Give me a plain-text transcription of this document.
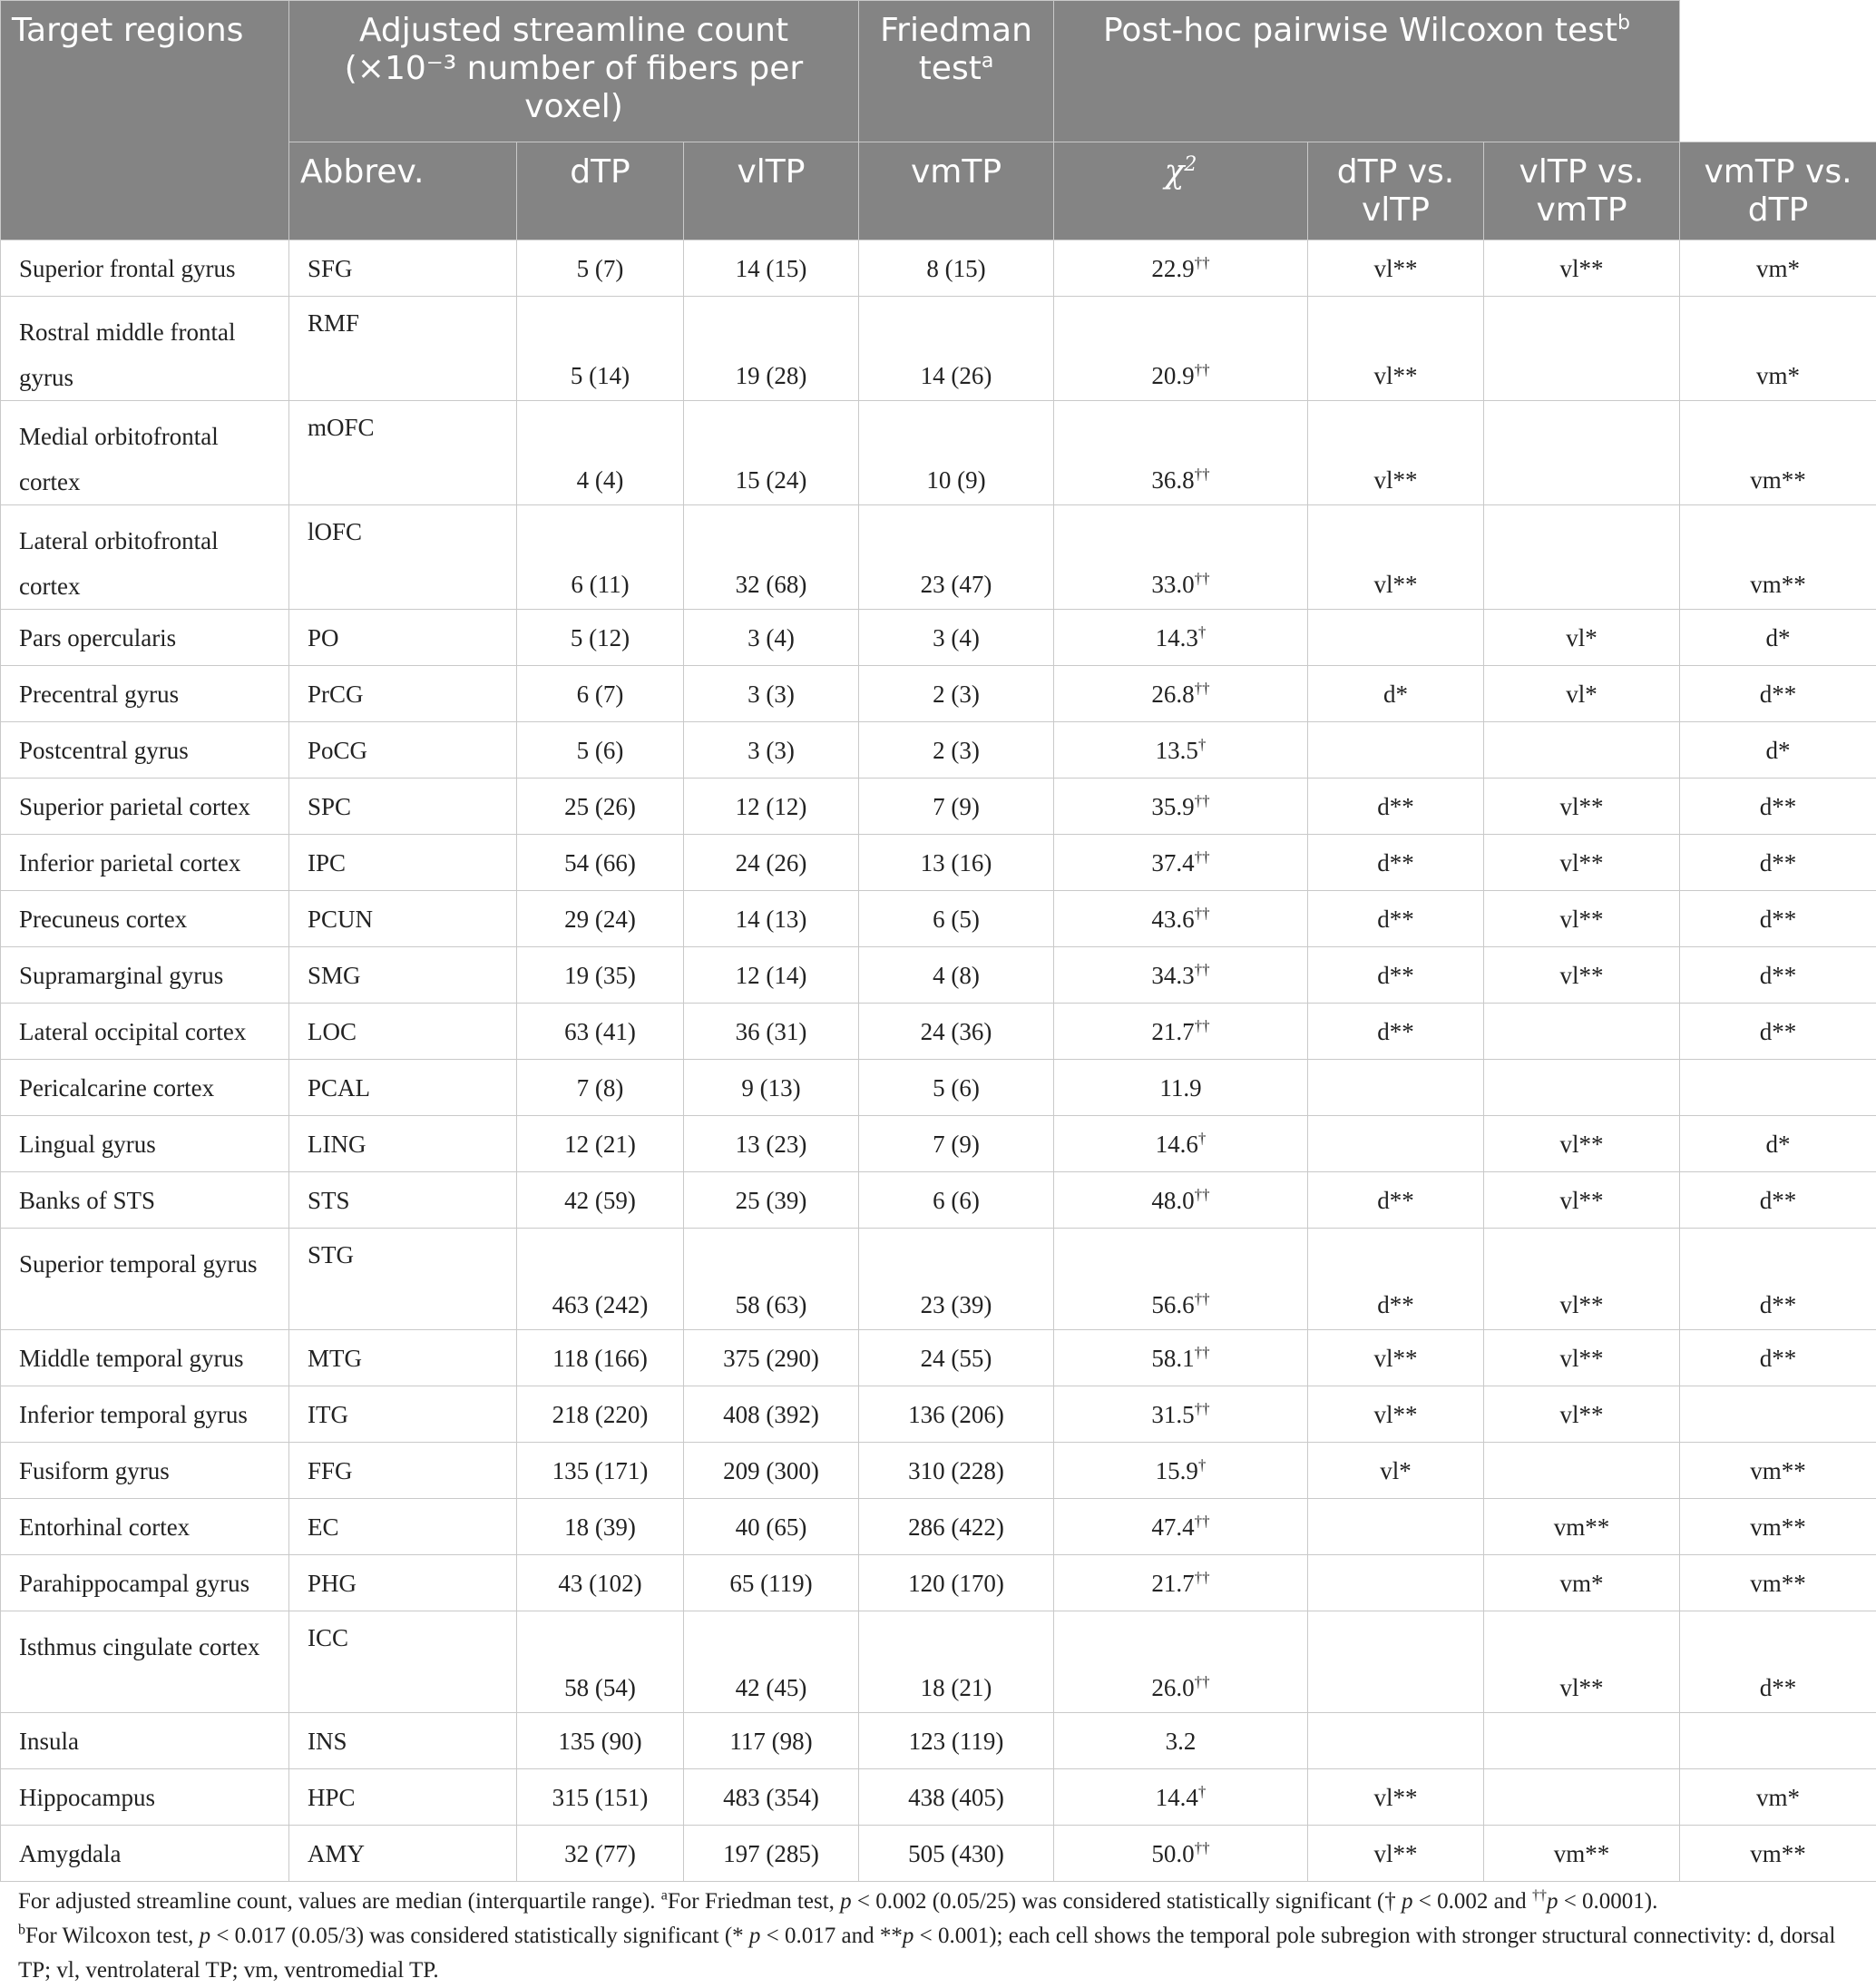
Target regions	Adjusted streamline count (×10⁻³ number of fibers per voxel)			Friedman test$^a$	Post-hoc pairwise Wilcoxon test$^b$
	Abbrev.	dTP	vlTP	vmTP	$\chi^2$	dTP vs. vlTP	vlTP vs. vmTP	vmTP vs. dTP
Superior frontal gyrus	SFG	5 (7)	14 (15)	8 (15)	22.9††	vl**	vl**	vm*
Rostral middle frontal gyrus	RMF	5 (14)	19 (28)	14 (26)	20.9††	vl**		vm*
Medial orbitofrontal cortex	mOFC	4 (4)	15 (24)	10 (9)	36.8††	vl**		vm**
Lateral orbitofrontal cortex	lOFC	6 (11)	32 (68)	23 (47)	33.0††	vl**		vm**
Pars opercularis	PO	5 (12)	3 (4)	3 (4)	14.3†		vl*	d*
Precentral gyrus	PrCG	6 (7)	3 (3)	2 (3)	26.8††	d*	vl*	d**
Postcentral gyrus	PoCG	5 (6)	3 (3)	2 (3)	13.5†			d*
Superior parietal cortex	SPC	25 (26)	12 (12)	7 (9)	35.9††	d**	vl**	d**
Inferior parietal cortex	IPC	54 (66)	24 (26)	13 (16)	37.4††	d**	vl**	d**
Precuneus cortex	PCUN	29 (24)	14 (13)	6 (5)	43.6††	d**	vl**	d**
Supramarginal gyrus	SMG	19 (35)	12 (14)	4 (8)	34.3††	d**	vl**	d**
Lateral occipital cortex	LOC	63 (41)	36 (31)	24 (36)	21.7††	d**		d**
Pericalcarine cortex	PCAL	7 (8)	9 (13)	5 (6)	11.9			
Lingual gyrus	LING	12 (21)	13 (23)	7 (9)	14.6†		vl**	d*
Banks of STS	STS	42 (59)	25 (39)	6 (6)	48.0††	d**	vl**	d**
Superior temporal gyrus	STG	463 (242)	58 (63)	23 (39)	56.6††	d**	vl**	d**
Middle temporal gyrus	MTG	118 (166)	375 (290)	24 (55)	58.1††	vl**	vl**	d**
Inferior temporal gyrus	ITG	218 (220)	408 (392)	136 (206)	31.5††	vl**	vl**	
Fusiform gyrus	FFG	135 (171)	209 (300)	310 (228)	15.9†	vl*		vm**
Entorhinal cortex	EC	18 (39)	40 (65)	286 (422)	47.4††		vm**	vm**
Parahippocampal gyrus	PHG	43 (102)	65 (119)	120 (170)	21.7††		vm*	vm**
Isthmus cingulate cortex	ICC	58 (54)	42 (45)	18 (21)	26.0††		vl**	d**
Insula	INS	135 (90)	117 (98)	123 (119)	3.2			
Hippocampus	HPC	315 (151)	483 (354)	438 (405)	14.4†	vl**		vm*
Amygdala	AMY	32 (77)	197 (285)	505 (430)	50.0††	vl**	vm**	vm**
For adjusted streamline count, values are median (interquartile range). $^a$For Friedman test, p < 0.002 (0.05/25) was considered statistically significant († p < 0.002 and ††p < 0.0001).
$^b$For Wilcoxon test, p < 0.017 (0.05/3) was considered statistically significant (* p < 0.017 and **p < 0.001); each cell shows the temporal pole subregion with stronger structural connectivity: d, dorsal TP; vl, ventrolateral TP; vm, ventromedial TP.
